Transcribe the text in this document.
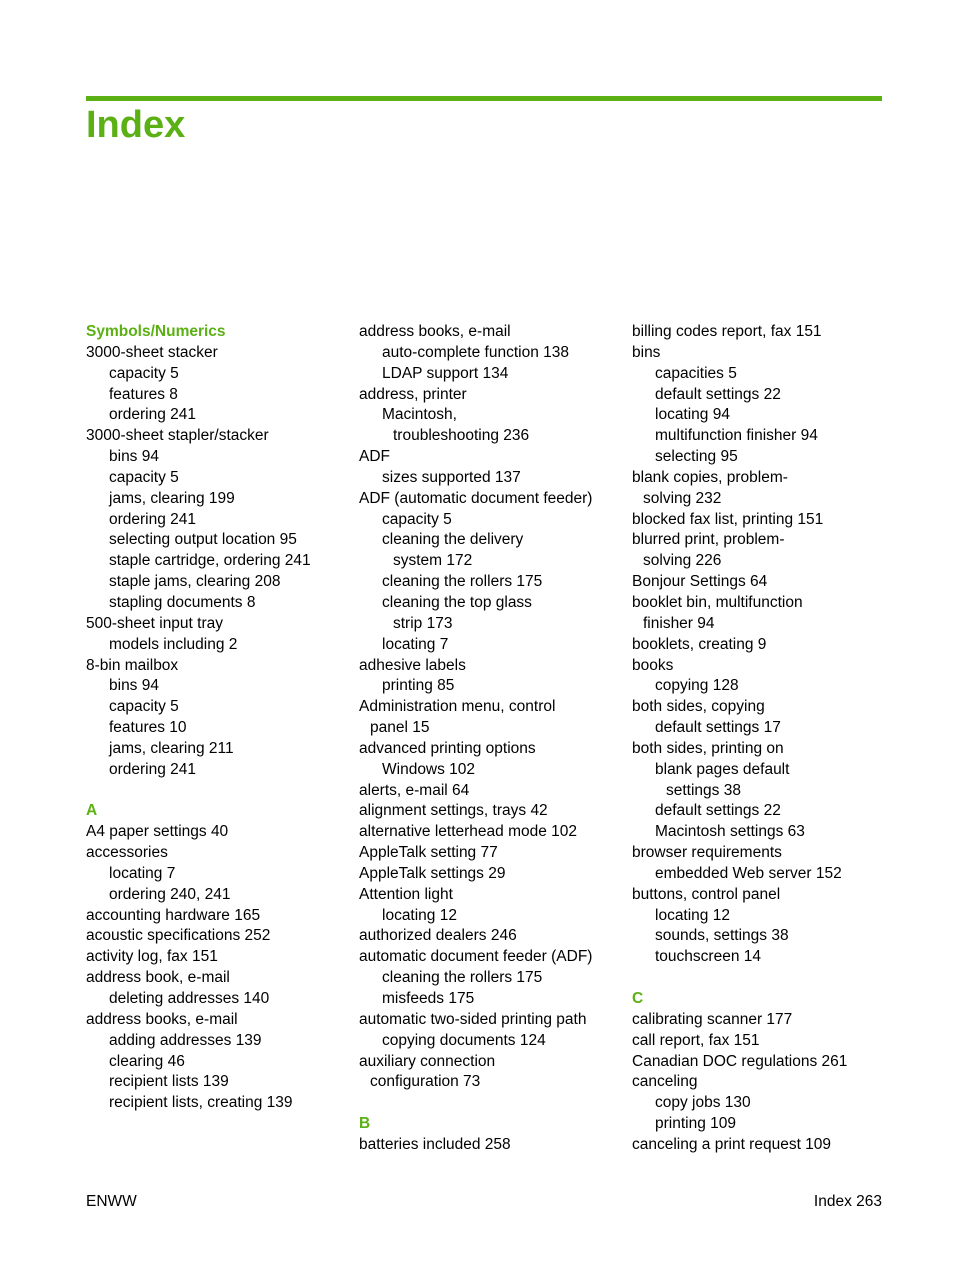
Index
Symbols/Numerics
3000-sheet stacker
capacity 5
features 8
ordering 241
3000-sheet stapler/stacker
bins 94
capacity 5
jams, clearing 199
ordering 241
selecting output location 95
staple cartridge, ordering 241
staple jams, clearing 208
stapling documents 8
500-sheet input tray
models including 2
8-bin mailbox
bins 94
capacity 5
features 10
jams, clearing 211
ordering 241
A
A4 paper settings 40
accessories
locating 7
ordering 240, 241
accounting hardware 165
acoustic specifications 252
activity log, fax 151
address book, e-mail
deleting addresses 140
address books, e-mail
adding addresses 139
clearing 46
recipient lists 139
recipient lists, creating 139
address books, e-mail
auto-complete function 138
LDAP support 134
address, printer
Macintosh,
troubleshooting 236
ADF
sizes supported 137
ADF (automatic document feeder)
capacity 5
cleaning the delivery
system 172
cleaning the rollers 175
cleaning the top glass
strip 173
locating 7
adhesive labels
printing 85
Administration menu, control
panel 15
advanced printing options
Windows 102
alerts, e-mail 64
alignment settings, trays 42
alternative letterhead mode 102
AppleTalk setting 77
AppleTalk settings 29
Attention light
locating 12
authorized dealers 246
automatic document feeder (ADF)
cleaning the rollers 175
misfeeds 175
automatic two-sided printing path
copying documents 124
auxiliary connection
configuration 73
B
batteries included 258
billing codes report, fax 151
bins
capacities 5
default settings 22
locating 94
multifunction finisher 94
selecting 95
blank copies, problem-
solving 232
blocked fax list, printing 151
blurred print, problem-
solving 226
Bonjour Settings 64
booklet bin, multifunction
finisher 94
booklets, creating 9
books
copying 128
both sides, copying
default settings 17
both sides, printing on
blank pages default
settings 38
default settings 22
Macintosh settings 63
browser requirements
embedded Web server 152
buttons, control panel
locating 12
sounds, settings 38
touchscreen 14
C
calibrating scanner 177
call report, fax 151
Canadian DOC regulations 261
canceling
copy jobs 130
printing 109
canceling a print request 109
ENWW	Index 263
